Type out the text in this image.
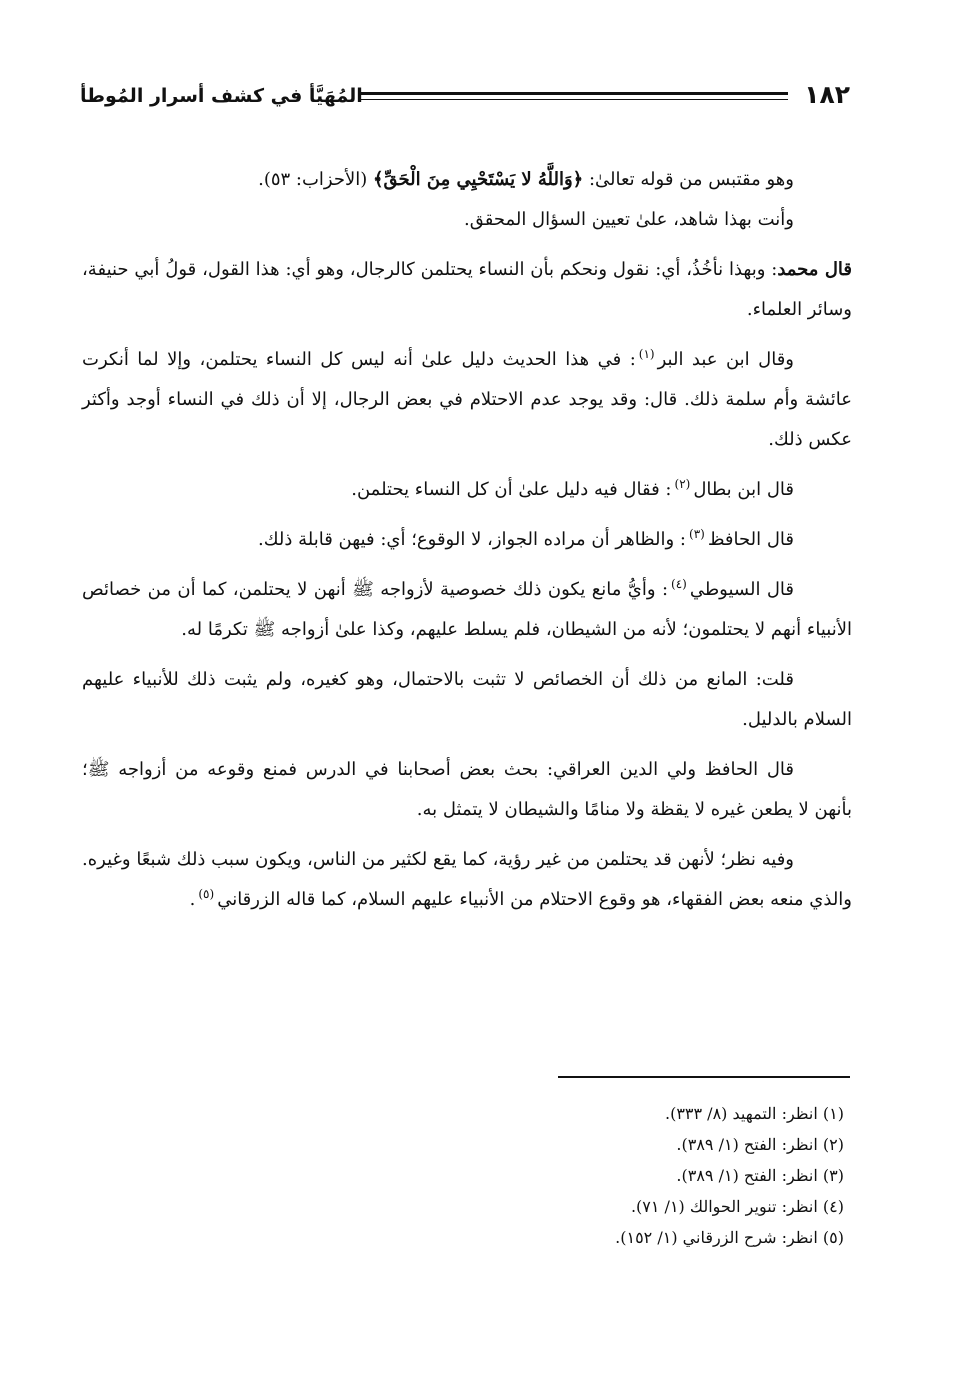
١٨٢
المُهَيَّأ في كشف أسرار المُوطأ

وهو مقتبس من قوله تعالىٰ: ﴿وَاللَّهُ لا يَسْتَحْيِي مِنَ الْحَقِّ﴾ (الأحزاب: ٥٣).

وأنت بهذا شاهد، علىٰ تعيين السؤال المحقق.

قال محمد: وبهذا نأخُذُ، أي: نقول ونحكم بأن النساء يحتلمن كالرجال، وهو أي: هذا القول، قولُ أبي حنيفة، وسائر العلماء.

وقال ابن عبد البر$^{(١)}$: في هذا الحديث دليل علىٰ أنه ليس كل النساء يحتلمن، وإلا لما أنكرت عائشة وأم سلمة ذلك. قال: وقد يوجد عدم الاحتلام في بعض الرجال، إلا أن ذلك في النساء أوجد وأكثر عكس ذلك.

قال ابن بطال$^{(٢)}$: فقال فيه دليل علىٰ أن كل النساء يحتلمن.

قال الحافظ$^{(٣)}$: والظاهر أن مراده الجواز، لا الوقوع؛ أي: فيهن قابلة ذلك.

قال السيوطي$^{(٤)}$: وأيُّ مانع يكون ذلك خصوصية لأزواجه ﷺ أنهن لا يحتلمن، كما أن من خصائص الأنبياء أنهم لا يحتلمون؛ لأنه من الشيطان، فلم يسلط عليهم، وكذا علىٰ أزواجه ﷺ تكرمًا له.

قلت: المانع من ذلك أن الخصائص لا تثبت بالاحتمال، وهو كغيره، ولم يثبت ذلك للأنبياء عليهم السلام بالدليل.

قال الحافظ ولي الدين العراقي: بحث بعض أصحابنا في الدرس فمنع وقوعه من أزواجه ﷺ؛ بأنهن لا يطعن غيره لا يقظة ولا منامًا والشيطان لا يتمثل به.

وفيه نظر؛ لأنهن قد يحتلمن من غير رؤية، كما يقع لكثير من الناس، ويكون سبب ذلك شبعًا وغيره. والذي منعه بعض الفقهاء، هو وقوع الاحتلام من الأنبياء عليهم السلام، كما قاله الزرقاني$^{(٥)}$.

(١) انظر: التمهيد (٨/ ٣٣٣).
(٢) انظر: الفتح (١/ ٣٨٩).
(٣) انظر: الفتح (١/ ٣٨٩).
(٤) انظر: تنوير الحوالك (١/ ٧١).
(٥) انظر: شرح الزرقاني (١/ ١٥٢).
